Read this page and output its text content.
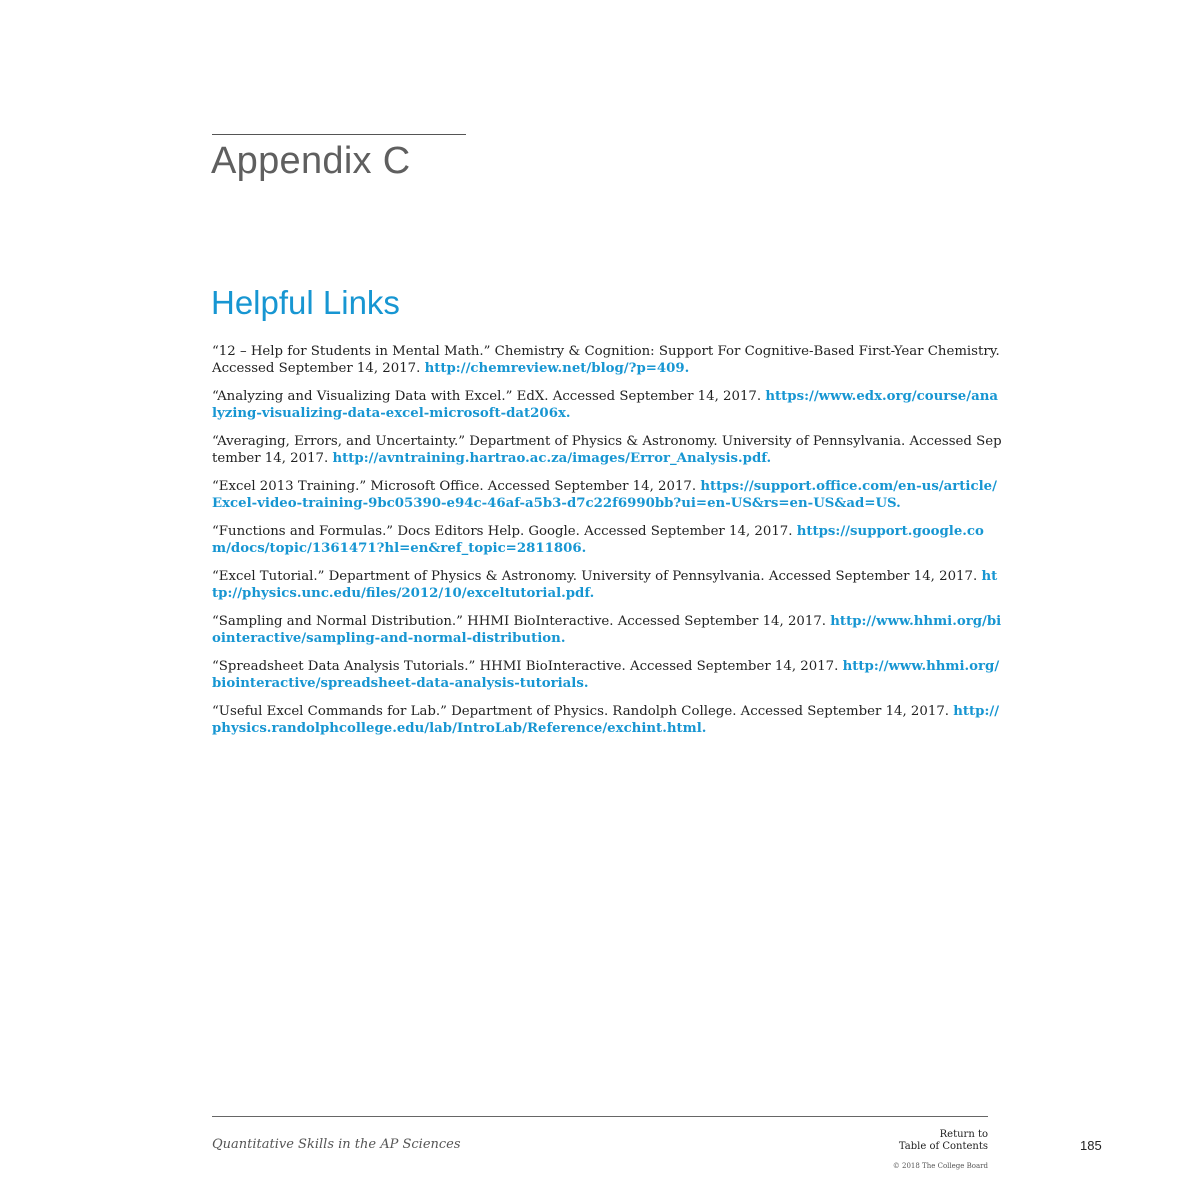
Appendix C
Helpful Links
“12 – Help for Students in Mental Math.” Chemistry & Cognition: Support For Cognitive-Based First-Year Chemistry. Accessed September 14, 2017. http://chemreview.net/blog/?p=409.
“Analyzing and Visualizing Data with Excel.” EdX. Accessed September 14, 2017. https://www.edx.org/course/analyzing-visualizing-data-excel-microsoft-dat206x.
“Averaging, Errors, and Uncertainty.” Department of Physics & Astronomy. University of Pennsylvania. Accessed September 14, 2017. http://avntraining.hartrao.ac.za/images/Error_Analysis.pdf.
“Excel 2013 Training.” Microsoft Office. Accessed September 14, 2017. https://support.office.com/en-us/article/Excel-video-training-9bc05390-e94c-46af-a5b3-d7c22f6990bb?ui=en-US&rs=en-US&ad=US.
“Functions and Formulas.” Docs Editors Help. Google. Accessed September 14, 2017. https://support.google.com/docs/topic/1361471?hl=en&ref_topic=2811806.
“Excel Tutorial.” Department of Physics & Astronomy. University of Pennsylvania. Accessed September 14, 2017. http://physics.unc.edu/files/2012/10/exceltutorial.pdf.
“Sampling and Normal Distribution.” HHMI BioInteractive. Accessed September 14, 2017. http://www.hhmi.org/biointeractive/sampling-and-normal-distribution.
“Spreadsheet Data Analysis Tutorials.” HHMI BioInteractive. Accessed September 14, 2017. http://www.hhmi.org/biointeractive/spreadsheet-data-analysis-tutorials.
“Useful Excel Commands for Lab.” Department of Physics. Randolph College. Accessed September 14, 2017. http://physics.randolphcollege.edu/lab/IntroLab/Reference/exchint.html.
Quantitative Skills in the AP Sciences
Return to
Table of Contents	185
© 2018 The College Board
